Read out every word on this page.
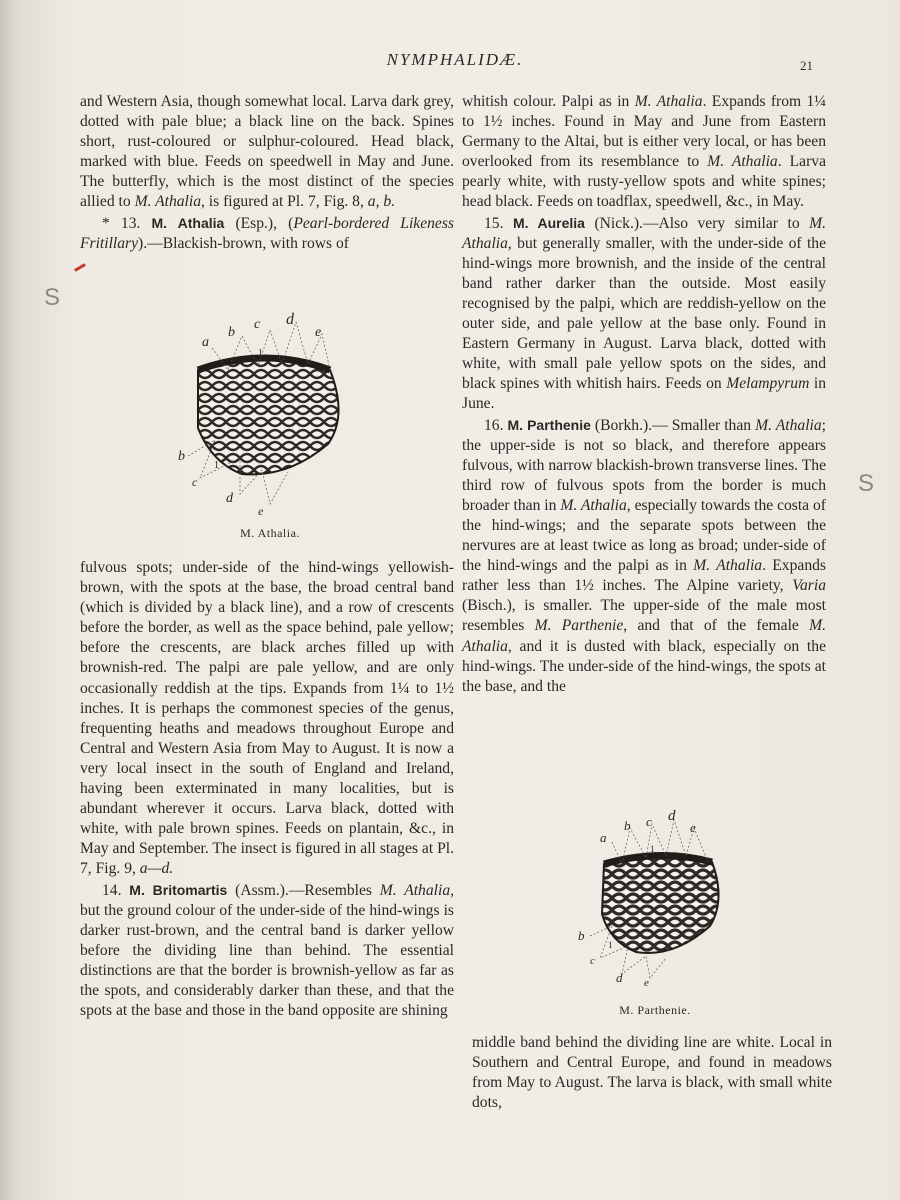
NYMPHALIDÆ.	21

and Western Asia, though somewhat local. Larva dark grey, dotted with pale blue; a black line on the back. Spines short, rust-coloured or sulphur-coloured. Head black, marked with blue. Feeds on speedwell in May and June. The butterfly, which is the most distinct of the species allied to M. Athalia, is figured at Pl. 7, Fig. 8, a, b.

* 13. M. Athalia (Esp.), (Pearl-bordered Likeness Fritillary).—Blackish-brown, with rows of

a
b
c d
e
b
c
d
e
1
1
M. Athalia.

fulvous spots; under-side of the hind-wings yellowish-brown, with the spots at the base, the broad central band (which is divided by a black line), and a row of crescents before the border, as well as the space behind, pale yellow; before the crescents, are black arches filled up with brownish-red. The palpi are pale yellow, and are only occasionally reddish at the tips. Expands from 1¼ to 1½ inches. It is perhaps the commonest species of the genus, frequenting heaths and meadows throughout Europe and Central and Western Asia from May to August. It is now a very local insect in the south of England and Ireland, having been exterminated in many localities, but is abundant wherever it occurs. Larva black, dotted with white, with pale brown spines. Feeds on plantain, &c., in May and September. The insect is figured in all stages at Pl. 7, Fig. 9, a—d.

14. M. Britomartis (Assm.).—Resembles M. Athalia, but the ground colour of the under-side of the hind-wings is darker rust-brown, and the central band is darker yellow before the dividing line than behind. The essential distinctions are that the border is brownish-yellow as far as the spots, and considerably darker than these, and that the spots at the base and those in the band opposite are shining

whitish colour. Palpi as in M. Athalia. Expands from 1¼ to 1½ inches. Found in May and June from Eastern Germany to the Altai, but is either very local, or has been overlooked from its resemblance to M. Athalia. Larva pearly white, with rusty-yellow spots and white spines; head black. Feeds on toadflax, speedwell, &c., in May.

15. M. Aurelia (Nick.).—Also very similar to M. Athalia, but generally smaller, with the under-side of the hind-wings more brownish, and the inside of the central band rather darker than the outside. Most easily recognised by the palpi, which are reddish-yellow on the outer side, and pale yellow at the base only. Found in Eastern Germany in August. Larva black, dotted with white, with small pale yellow spots on the sides, and black spines with whitish hairs. Feeds on Melampyrum in June.

16. M. Parthenie (Borkh.).— Smaller than M. Athalia; the upper-side is not so black, and therefore appears fulvous, with narrow blackish-brown transverse lines. The third row of fulvous spots from the border is much broader than in M. Athalia, especially towards the costa of the hind-wings; and the separate spots between the nervures are at least twice as long as broad; under-side of the hind-wings and the palpi as in M. Athalia. Expands rather less than 1½ inches. The Alpine variety, Varia (Bisch.), is smaller. The upper-side of the male most resembles M. Parthenie, and that of the female M. Athalia, and it is dusted with black, especially on the hind-wings. The under-side of the hind-wings, the spots at the base, and the

a
b c d
e
b
c
d e
1
1
M. Parthenie.

middle band behind the dividing line are white. Local in Southern and Central Europe, and found in meadows from May to August. The larva is black, with small white dots,

S
S
